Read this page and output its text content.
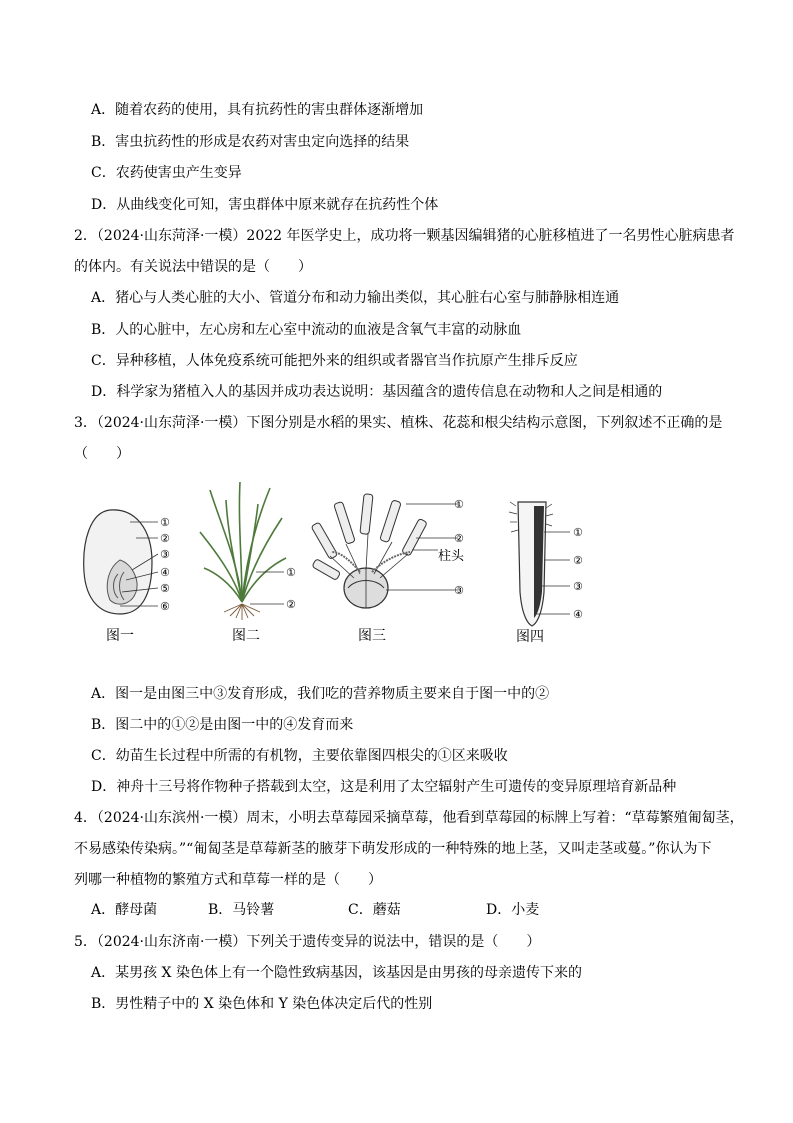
A．随着农药的使用，具有抗药性的害虫群体逐渐增加
B．害虫抗药性的形成是农药对害虫定向选择的结果
C．农药使害虫产生变异
D．从曲线变化可知，害虫群体中原来就存在抗药性个体
2．（2024·山东菏泽·一模）2022 年医学史上，成功将一颗基因编辑猪的心脏移植进了一名男性心脏病患者
的体内。有关说法中错误的是（　　）
A．猪心与人类心脏的大小、管道分布和动力输出类似，其心脏右心室与肺静脉相连通
B．人的心脏中，左心房和左心室中流动的血液是含氧气丰富的动脉血
C．异种移植，人体免疫系统可能把外来的组织或者器官当作抗原产生排斥反应
D．科学家为猪植入人的基因并成功表达说明：基因蕴含的遗传信息在动物和人之间是相通的
3．（2024·山东菏泽·一模）下图分别是水稻的果实、植株、花蕊和根尖结构示意图，下列叙述不正确的是
（　　）
①
②
③
④
⑤
⑥
①
②
①
②
柱头
③
图一	图二	图三
①
②
③
④
图四
A．图一是由图三中③发育形成，我们吃的营养物质主要来自于图一中的②
B．图二中的①②是由图一中的④发育而来
C．幼苗生长过程中所需的有机物，主要依靠图四根尖的①区来吸收
D．神舟十三号将作物种子搭载到太空，这是利用了太空辐射产生可遗传的变异原理培育新品种
4．（2024·山东滨州·一模）周末，小明去草莓园采摘草莓，他看到草莓园的标牌上写着：“草莓繁殖匍匐茎，
不易感染传染病。”“匍匐茎是草莓新茎的腋芽下萌发形成的一种特殊的地上茎，又叫走茎或蔓。”你认为下
列哪一种植物的繁殖方式和草莓一样的是（　　）
A．酵母菌	B．马铃薯	C．蘑菇	D．小麦
5．（2024·山东济南·一模）下列关于遗传变异的说法中，错误的是（　　）
A．某男孩 X 染色体上有一个隐性致病基因，该基因是由男孩的母亲遗传下来的
B．男性精子中的 X 染色体和 Y 染色体决定后代的性别
